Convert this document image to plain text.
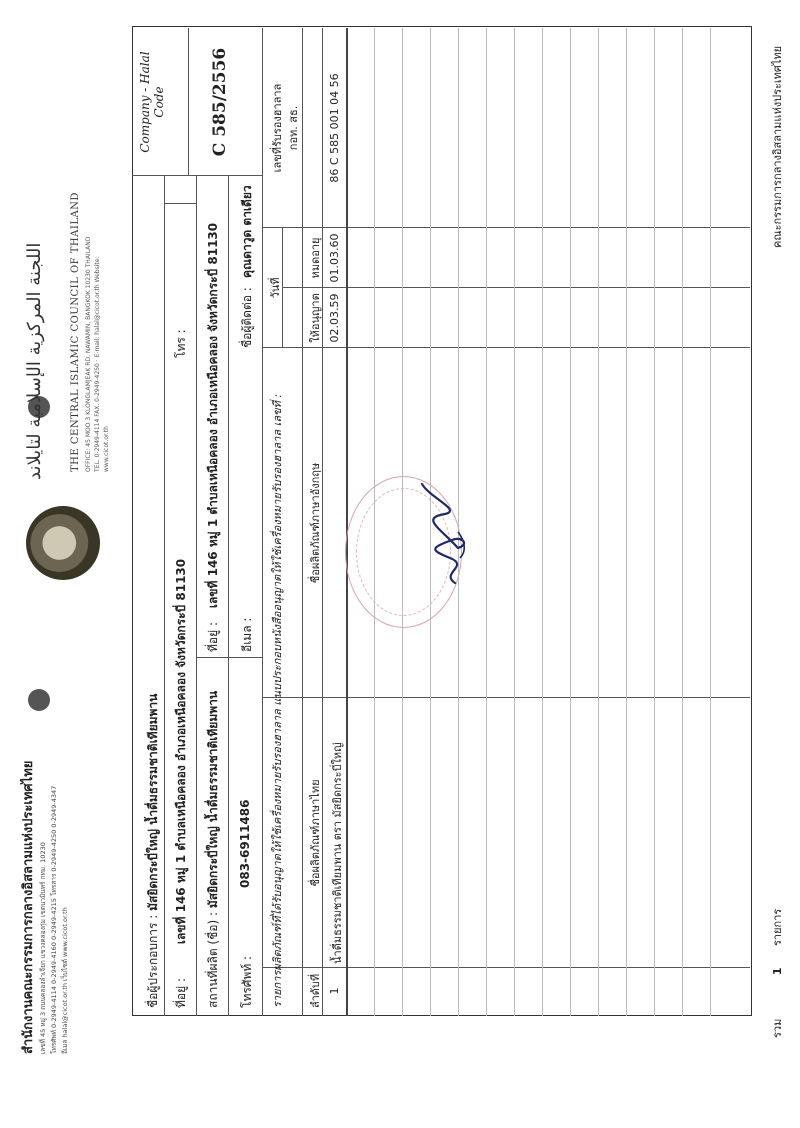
สำนักงานคณะกรรมการกลางอิสลามแห่งประเทศไทย เลขที่ 45 หมู่ 3 ถนนคลองลำเจียก แขวงคลองกุ่ม เขตนวมินทร์ กทม. 10230 โทรศัพท์ 0-2949-4114 0-2949-4160 0-2949-4215 โทรสาร 0-2949-4250 0-2949-4347 อีเมล halal@cicot.or.th เว็บไซต์ www.cicot.or.th
اللجنة المركزية الإسلامية لتايلاند	THE CENTRAL ISLAMIC COUNCIL OF THAILAND OFFICE: 45 MOO 3 KLONGLAMJEAK RD. NAWAMIN, BANGKOK 10230 THAILAND TEL. 0-2949-4114 FAX. 0-2949-4250 · E-mail: halal@cicot.or.th Website: www.cicot.or.th
ชื่อผู้ประกอบการ : มัสยิดกระบี่ใหญ่ น้ำดื่มธรรมชาติเทียมพาน
ที่อยู่ : เลขที่ 146 หมู่ 1 ตำบลเหนือคลอง อำเภอเหนือคลอง จังหวัดกระบี่ 81130
โทร :
สถานที่ผลิต (ชื่อ) : มัสยิดกระบี่ใหญ่ น้ำดื่มธรรมชาติเทียมพาน
ที่อยู่ : เลขที่ 146 หมู่ 1 ตำบลเหนือคลอง อำเภอเหนือคลอง จังหวัดกระบี่ 81130
โทรศัพท์ :
083-6911486
อีเมล :
ชื่อผู้ติดต่อ :
คุณดาวูด ตาเดียว
Company - Halal Code	C 585/2556
รายการผลิตภัณฑ์ที่ได้รับอนุญาตให้ใช้เครื่องหมายรับรองฮาลาล แนบประกอบหนังสืออนุญาตให้ใช้เครื่องหมายรับรองฮาลาล เลขที่ : ลำดับที่
ชื่อผลิตภัณฑ์ภาษาไทย
ชื่อผลิตภัณฑ์ภาษาอังกฤษ
วันที่
ให้อนุญาต
หมดอายุ
เลขที่รับรองฮาลาล กอท. สธ.
1
น้ำดื่มธรรมชาติเทียมพาน ตรา มัสยิดกระบี่ใหญ่
02.03.59
01.03.60
86 C 585 001 04 56
รวม 1 รายการ
คณะกรรมการกลางอิสลามแห่งประเทศไทย
